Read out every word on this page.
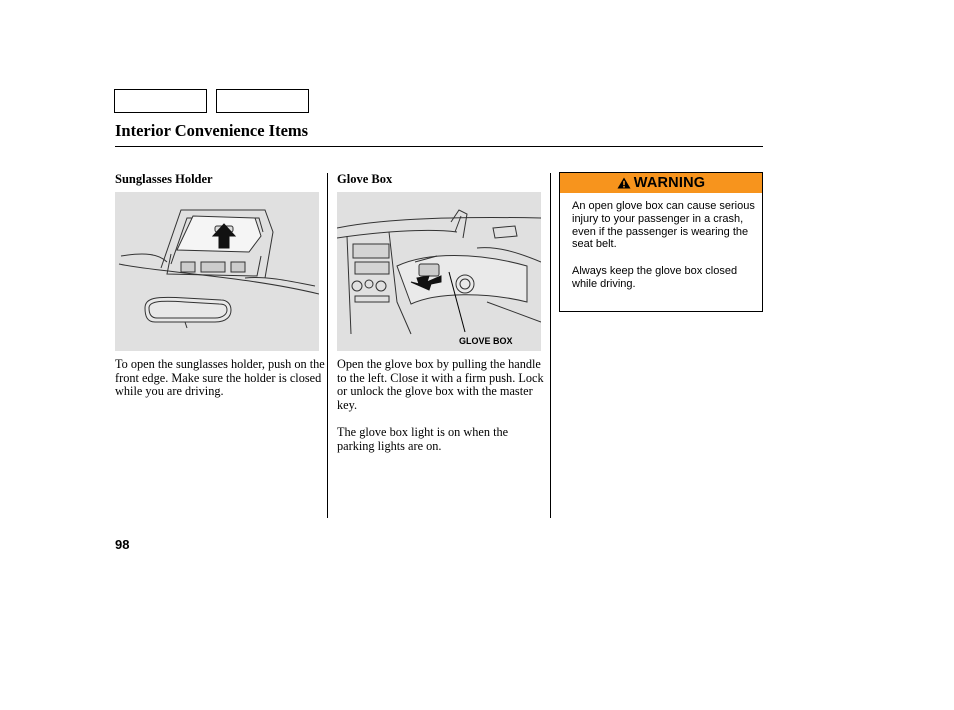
Interior Convenience Items
Sunglasses Holder

To open the sunglasses holder, push on the front edge. Make sure the holder is closed while you are driving.

Glove Box
GLOVE BOX

Open the glove box by pulling the handle to the left. Close it with a firm push. Lock or unlock the glove box with the master key.

The glove box light is on when the parking lights are on.

WARNING

An open glove box can cause serious injury to your passenger in a crash, even if the passenger is wearing the seat belt.

Always keep the glove box closed while driving.

98
